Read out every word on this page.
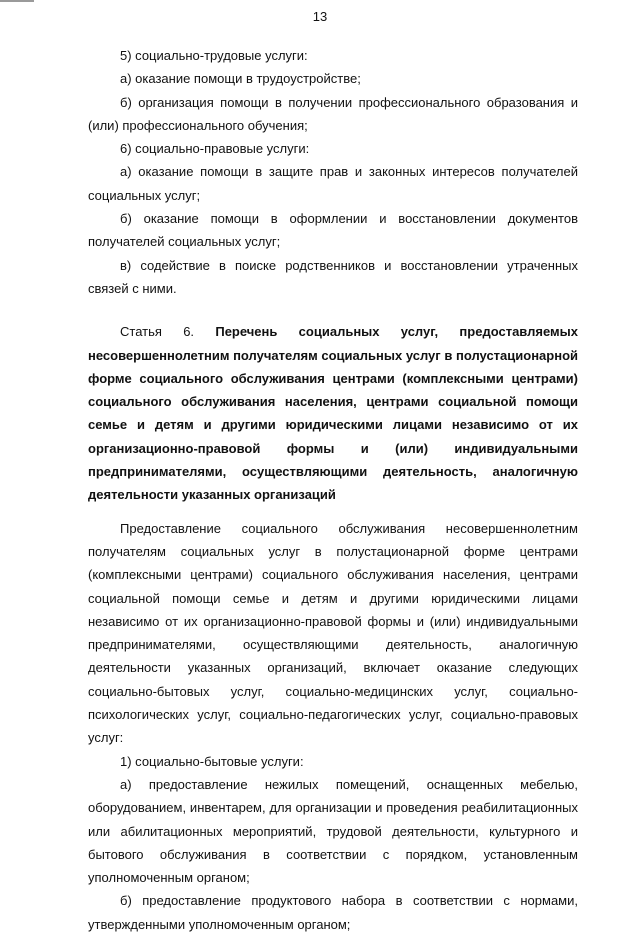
13

5) социально-трудовые услуги:

а) оказание помощи в трудоустройстве;

б) организация помощи в получении профессионального образования и (или) профессионального обучения;

6) социально-правовые услуги:

а) оказание помощи в защите прав и законных интересов получателей социальных услуг;

б) оказание помощи в оформлении и восстановлении документов получателей социальных услуг;

в) содействие в поиске родственников и восстановлении утраченных связей с ними.

Статья 6. Перечень социальных услуг, предоставляемых несовершеннолетним получателям социальных услуг в полустационарной форме социального обслуживания центрами (комплексными центрами) социального обслуживания населения, центрами социальной помощи семье и детям и другими юридическими лицами независимо от их организационно-правовой формы и (или) индивидуальными предпринимателями, осуществляющими деятельность, аналогичную деятельности указанных организаций

Предоставление социального обслуживания несовершеннолетним получателям социальных услуг в полустационарной форме центрами (комплексными центрами) социального обслуживания населения, центрами социальной помощи семье и детям и другими юридическими лицами независимо от их организационно-правовой формы и (или) индивидуальными предпринимателями, осуществляющими деятельность, аналогичную деятельности указанных организаций, включает оказание следующих социально-бытовых услуг, социально-медицинских услуг, социально-психологических услуг, социально-педагогических услуг, социально-правовых услуг:

1) социально-бытовые услуги:

а) предоставление нежилых помещений, оснащенных мебелью, оборудованием, инвентарем, для организации и проведения реабилитационных или абилитационных мероприятий, трудовой деятельности, культурного и бытового обслуживания в соответствии с порядком, установленным уполномоченным органом;

б) предоставление продуктового набора в соответствии с нормами, утвержденными уполномоченным органом;
